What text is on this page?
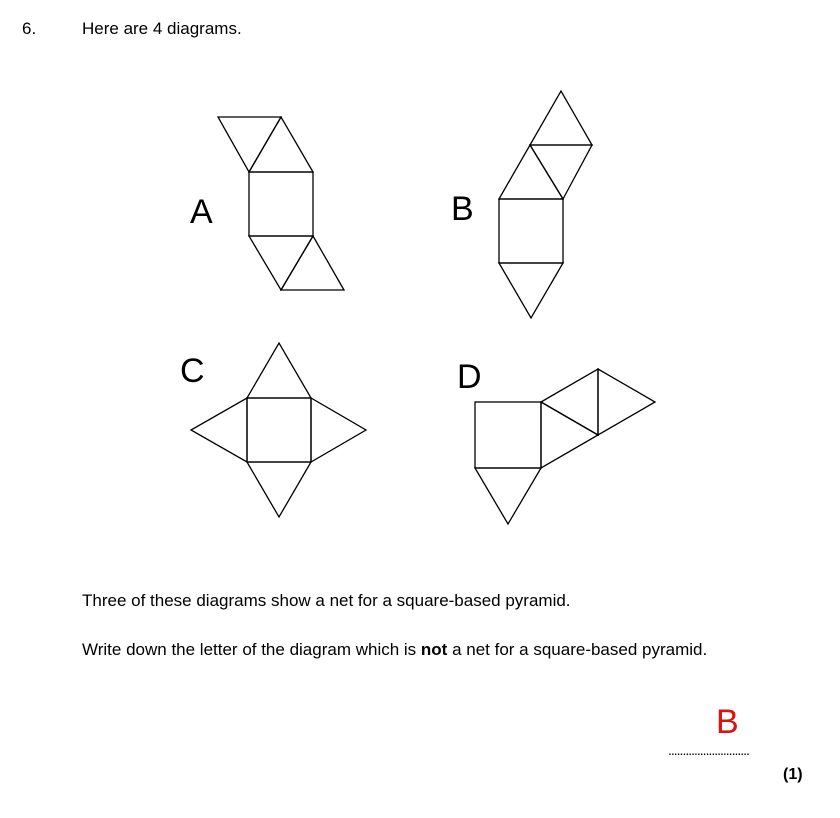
6.	Here are 4 diagrams.
A	B
C	D
Three of these diagrams show a net for a square-based pyramid.
Write down the letter of the diagram which is not a net for a square-based pyramid.
B
............................
(1)
